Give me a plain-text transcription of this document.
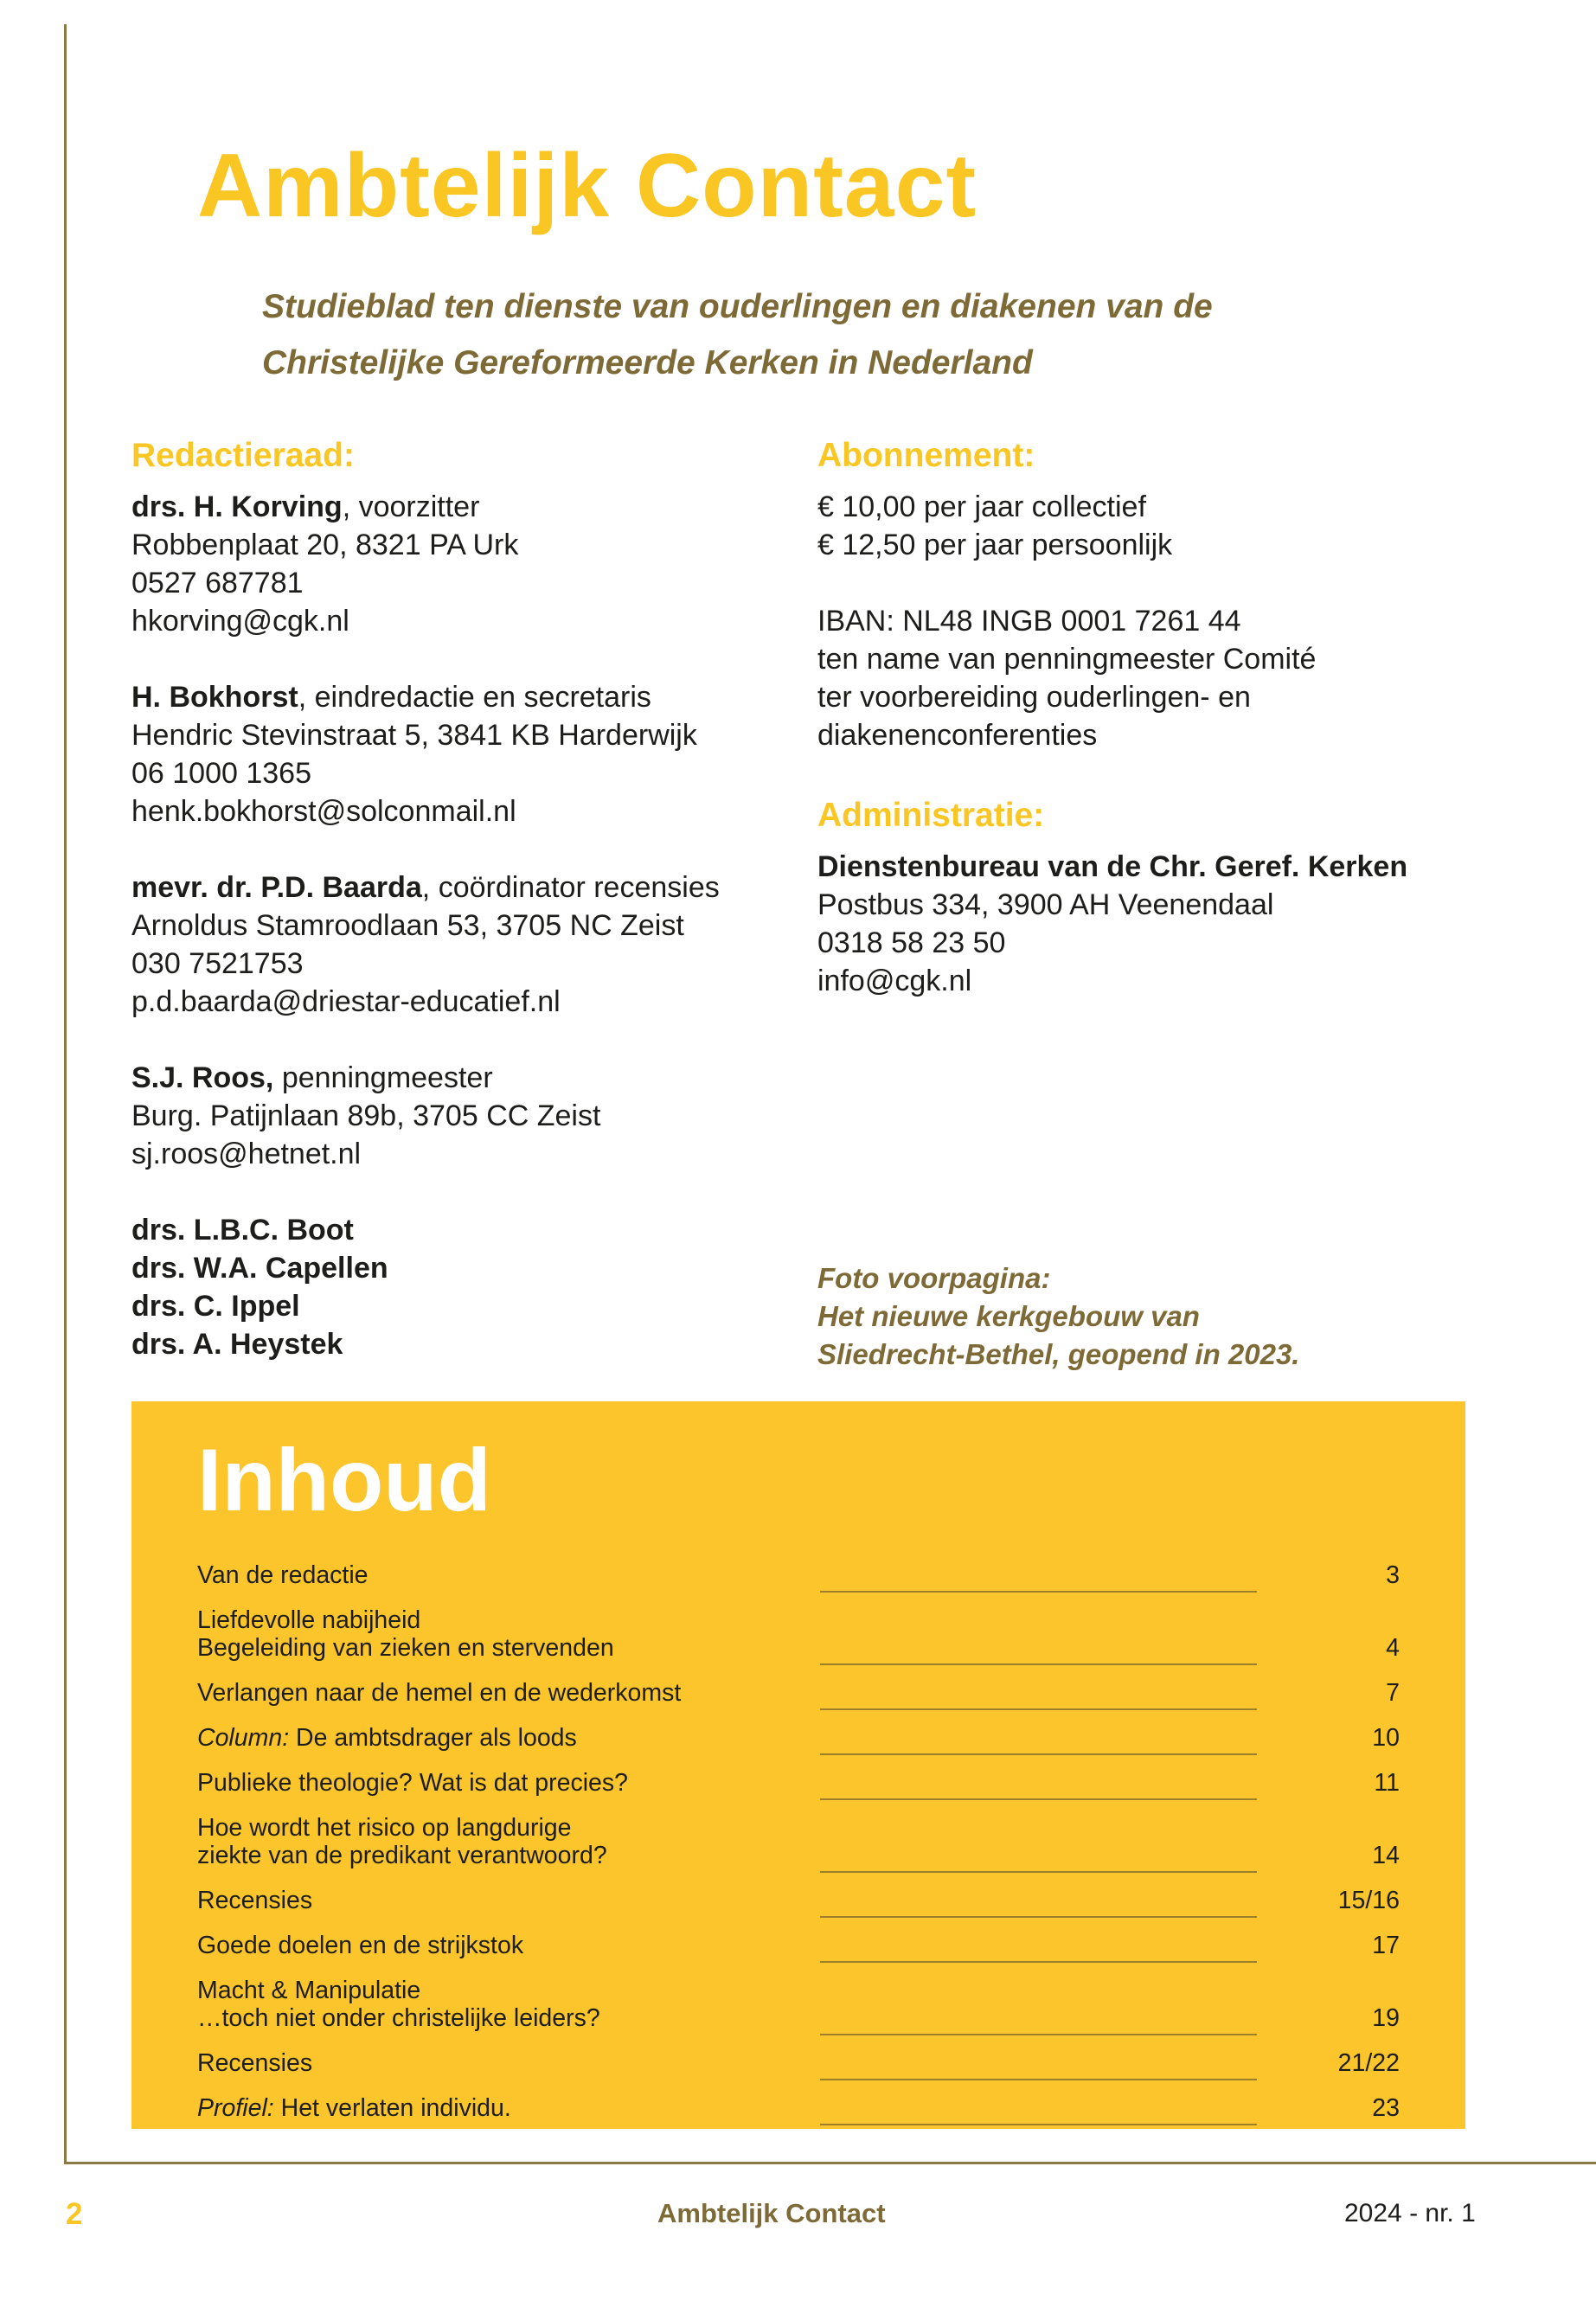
Ambtelijk Contact
Studieblad ten dienste van ouderlingen en diakenen van de
Christelijke Gereformeerde Kerken in Nederland
Redactieraad:
drs. H. Korving, voorzitter
Robbenplaat 20, 8321 PA Urk
0527 687781
hkorving@cgk.nl
H. Bokhorst, eindredactie en secretaris
Hendric Stevinstraat 5, 3841 KB Harderwijk
06 1000 1365
henk.bokhorst@solconmail.nl
mevr. dr. P.D. Baarda, coördinator recensies
Arnoldus Stamroodlaan 53, 3705 NC Zeist
030 7521753
p.d.baarda@driestar-educatief.nl
S.J. Roos, penningmeester
Burg. Patijnlaan 89b, 3705 CC Zeist
sj.roos@hetnet.nl
drs. L.B.C. Boot
drs. W.A. Capellen
drs. C. Ippel
drs. A. Heystek
Abonnement:
€ 10,00 per jaar collectief
€ 12,50 per jaar persoonlijk
IBAN: NL48 INGB 0001 7261 44
ten name van penningmeester Comité
ter voorbereiding ouderlingen- en
diakenenconferenties
Administratie:
Dienstenbureau van de Chr. Geref. Kerken
Postbus 334, 3900 AH Veenendaal
0318 58 23 50
info@cgk.nl
Foto voorpagina:
Het nieuwe kerkgebouw van
Sliedrecht-Bethel, geopend in 2023.
Inhoud
Van de redactie	3
Liefdevolle nabijheid
Begeleiding van zieken en stervenden	4
Verlangen naar de hemel en de wederkomst	7
Column: De ambtsdrager als loods	10
Publieke theologie? Wat is dat precies?	11
Hoe wordt het risico op langdurige
ziekte van de predikant verantwoord?	14
Recensies	15/16
Goede doelen en de strijkstok	17
Macht & Manipulatie
…toch niet onder christelijke leiders?	19
Recensies	21/22
Profiel: Het verlaten individu.	23
2	Ambtelijk Contact	2024 - nr. 1
